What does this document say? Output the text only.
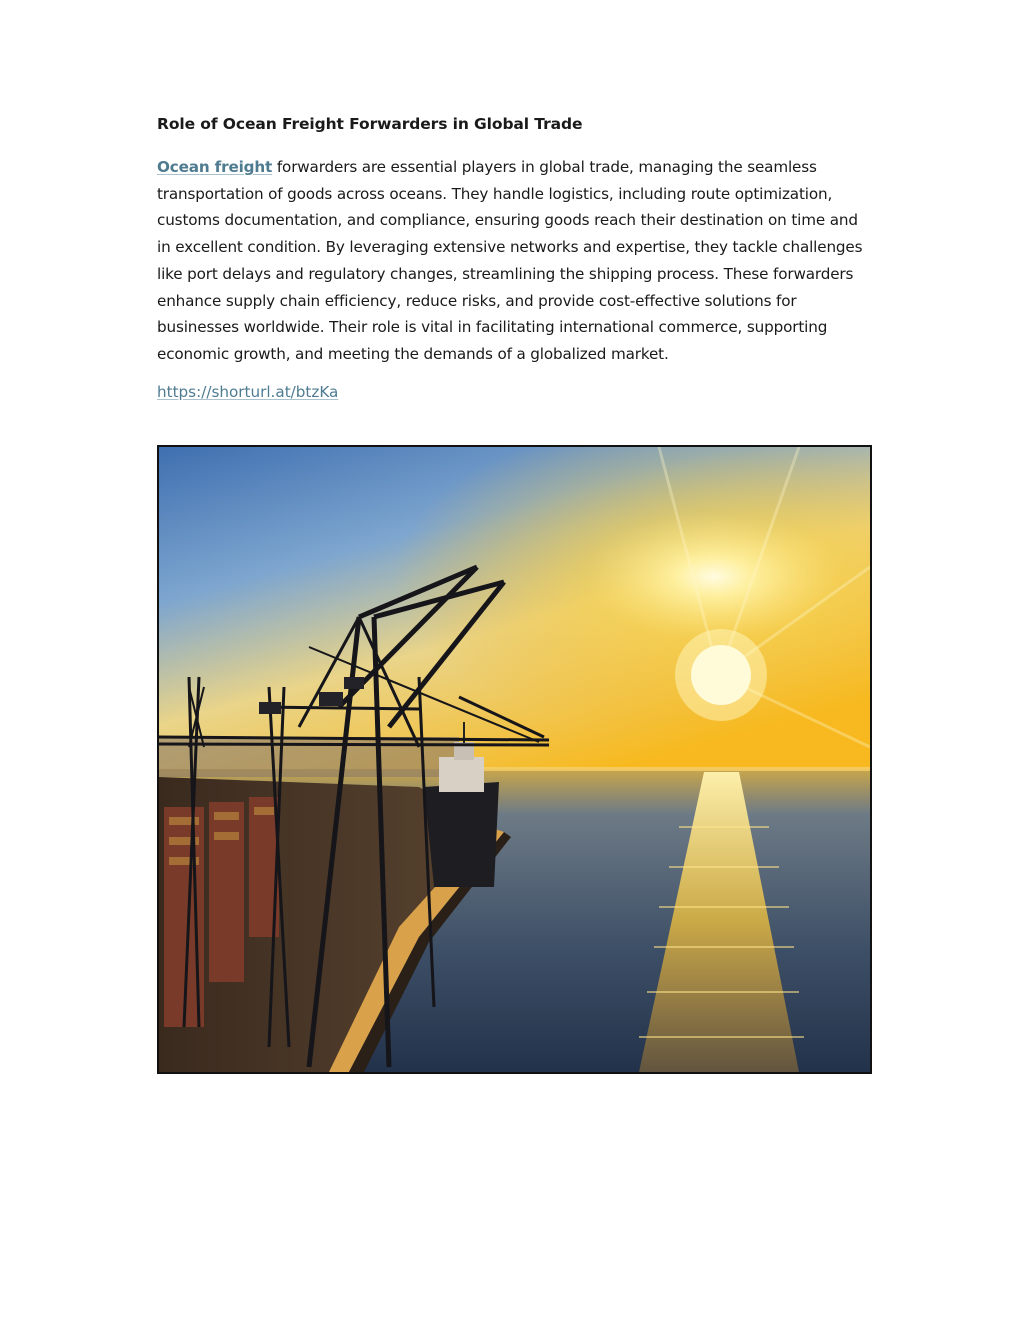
Role of Ocean Freight Forwarders in Global Trade

Ocean freight forwarders are essential players in global trade, managing the seamless transportation of goods across oceans. They handle logistics, including route optimization, customs documentation, and compliance, ensuring goods reach their destination on time and in excellent condition. By leveraging extensive networks and expertise, they tackle challenges like port delays and regulatory changes, streamlining the shipping process. These forwarders enhance supply chain efficiency, reduce risks, and provide cost-effective solutions for businesses worldwide. Their role is vital in facilitating international commerce, supporting economic growth, and meeting the demands of a globalized market.

https://shorturl.at/btzKa
